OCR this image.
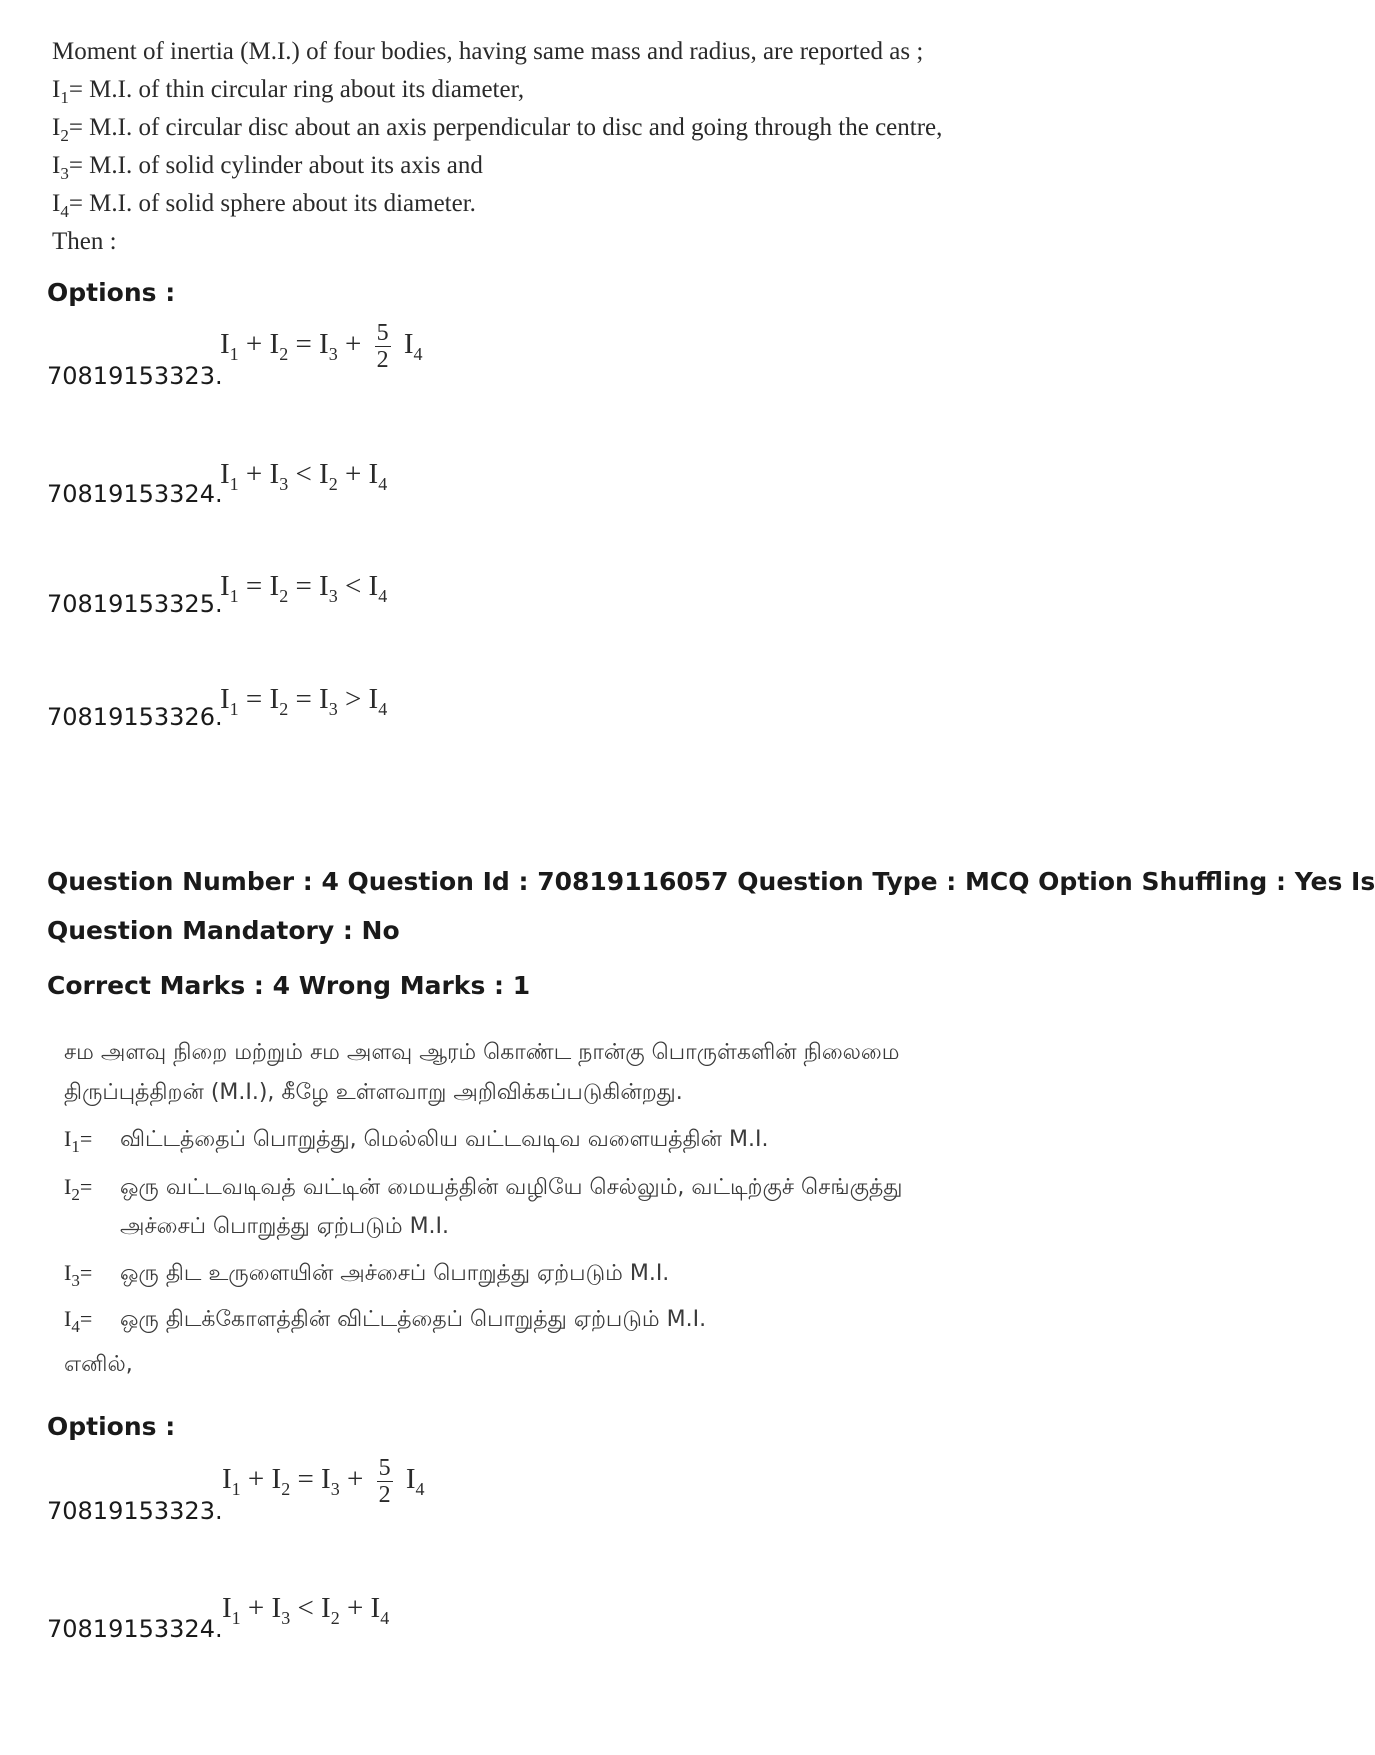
Moment of inertia (M.I.) of four bodies, having same mass and radius, are reported as ;
$I_1= M.I$. of thin circular ring about its diameter,
$I_2= M.I$. of circular disc about an axis perpendicular to disc and going through the centre,
$I_3= M.I$. of solid cylinder about its axis and
$I_4= M.I$. of solid sphere about its diameter.
Then :
Options :
70819153323.
$I_1 + I_2 = I_3 + \frac{5}{2} I_4$
70819153324.
$I_1 + I_3 < I_2 + I_4$
70819153325.
$I_1 = I_2 = I_3 < I_4$
70819153326.
$I_1 = I_2 = I_3 > I_4$
Question Number : 4 Question Id : 70819116057 Question Type : MCQ Option Shuffling : Yes Is
Question Mandatory : No
Correct Marks : 4 Wrong Marks : 1
சம அளவு நிறை மற்றும் சம அளவு ஆரம் கொண்ட நான்கு பொருள்களின் நிலைமை
திருப்புத்திறன் (M.I.), கீழே உள்ளவாறு அறிவிக்கப்படுகின்றது.
$I_1=$ விட்டத்தைப் பொறுத்து, மெல்லிய வட்டவடிவ வளையத்தின் M.I.
$I_2=$ ஒரு வட்டவடிவத் வட்டின் மையத்தின் வழியே செல்லும், வட்டிற்குச் செங்குத்து
அச்சைப் பொறுத்து ஏற்படும் M.I.
$I_3=$ ஒரு திட உருளையின் அச்சைப் பொறுத்து ஏற்படும் M.I.
$I_4=$ ஒரு திடக்கோளத்தின் விட்டத்தைப் பொறுத்து ஏற்படும் M.I.
எனில்,
Options :
70819153323.
$I_1 + I_2 = I_3 + \frac{5}{2} I_4$
70819153324.
$I_1 + I_3 < I_2 + I_4$
